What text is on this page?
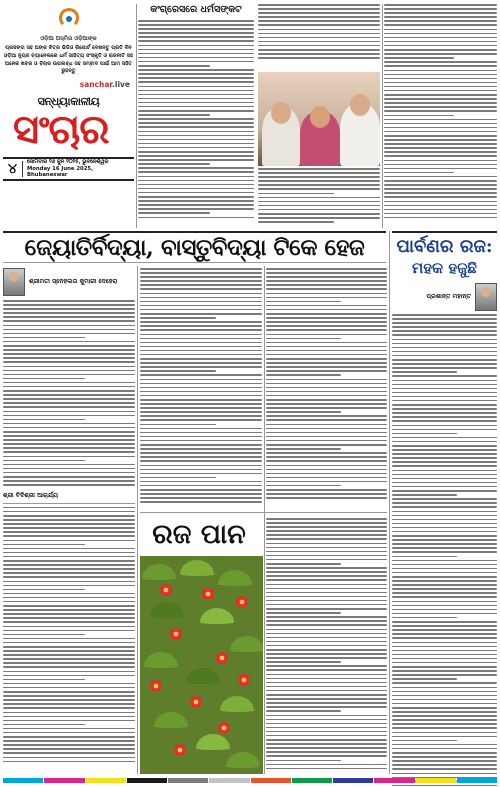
ଓଡ଼ିଆ ଅସ୍ମିତା ଓଡ଼ିଆଙ୍କ
ପ୍ରସଙ୍ଗ ସହ ଅଙ୍କ ଚିତ୍ର ଭିଡିଓ ରିପୋର୍ଟ ଦେଖନ୍ତୁ ପ୍ରତି ଦିନ ଓଡ଼ିଆ ନ୍ୟୁଜ ଚ୍ୟାନେଲରେ ଧର୍ମ ସାହିତ୍ୟ ସଂସ୍କୃତି ଓ ରାଜନୀତି ସହ ଅନେକ ଖବର ଓ ବିଚାର ଉପଲବ୍ଧ ସହ ସମ୍ବାଦ ପାଇଁ ଆମ ସହିତ ରୁହନ୍ତୁ
sanchar.live
ସନ୍ଧ୍ୟାକାଳୀୟ
ସଂଚାର
୪	ସୋମବାର ୧୬ ଜୁନ ୨୦୨୫, ଭୁବନେଶ୍ୱର
Monday 16 June 2025,
Bhubaneswar
କଂଗ୍ରେସରେ ଧର୍ମସଙ୍କଟ
ଜ୍ୟୋତିର୍ବିଦ୍ୟା, ବାସ୍ତୁବିଦ୍ୟା ଟିକେ ହେଜ	ପାର୍ବଣର ରଜ:
ମହକ ହଜୁଛି
ଶ୍ରୀମତୀ ସ୍ନେହଲତା କୁମାରୀ ଦେହେରା
ଶ୍ରୀ ବିଦିଶ୍ରୀ ଆଚାର୍ଯ୍ୟ
ପ୍ରଶାନ୍ତ ମହାନ୍ତ
ରଜ ପାନ
